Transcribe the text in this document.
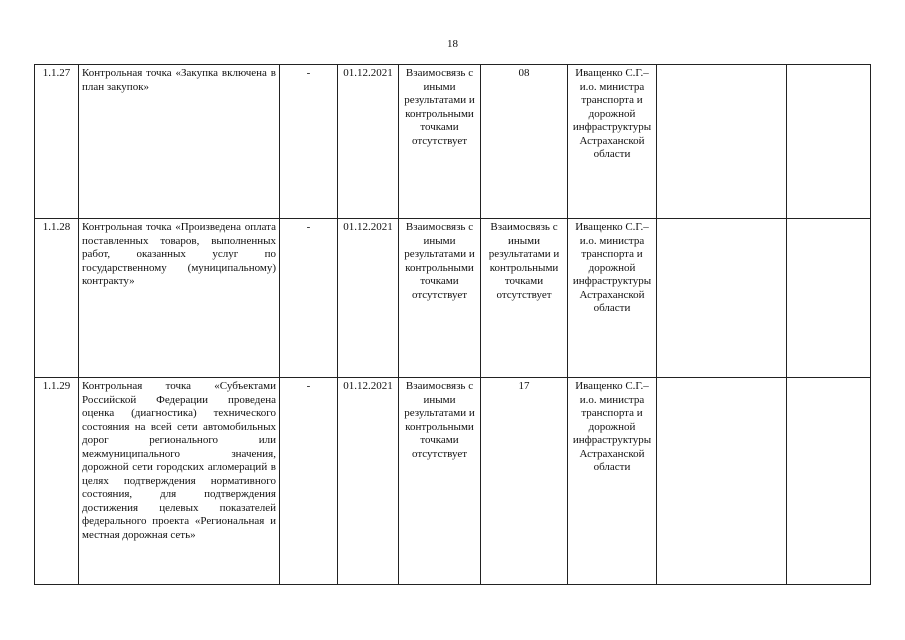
18
1.1.27	Контрольная точка «Закупка включена в план закупок»	-	01.12.2021	Взаимосвязь с иными результатами и контрольными точками отсутствует	08	Иващенко С.Г.– и.о. министра транспорта и дорожной инфраструктуры Астраханской области		
1.1.28	Контрольная точка «Произведена оплата поставленных товаров, выполненных работ, оказанных услуг по государственному (муниципальному) контракту»	-	01.12.2021	Взаимосвязь с иными результатами и контрольными точками отсутствует	Взаимосвязь с иными результатами и контрольными точками отсутствует	Иващенко С.Г.– и.о. министра транспорта и дорожной инфраструктуры Астраханской области		
1.1.29	Контрольная точка «Субъектами Российской Федерации проведена оценка (диагностика) технического состояния на всей сети автомобильных дорог регионального или межмуниципального значения, дорожной сети городских агломераций в целях подтверждения нормативного состояния, для подтверждения достижения целевых показателей федерального проекта «Региональная и местная дорожная сеть»	-	01.12.2021	Взаимосвязь с иными результатами и контрольными точками отсутствует	17	Иващенко С.Г.– и.о. министра транспорта и дорожной инфраструктуры Астраханской области		
